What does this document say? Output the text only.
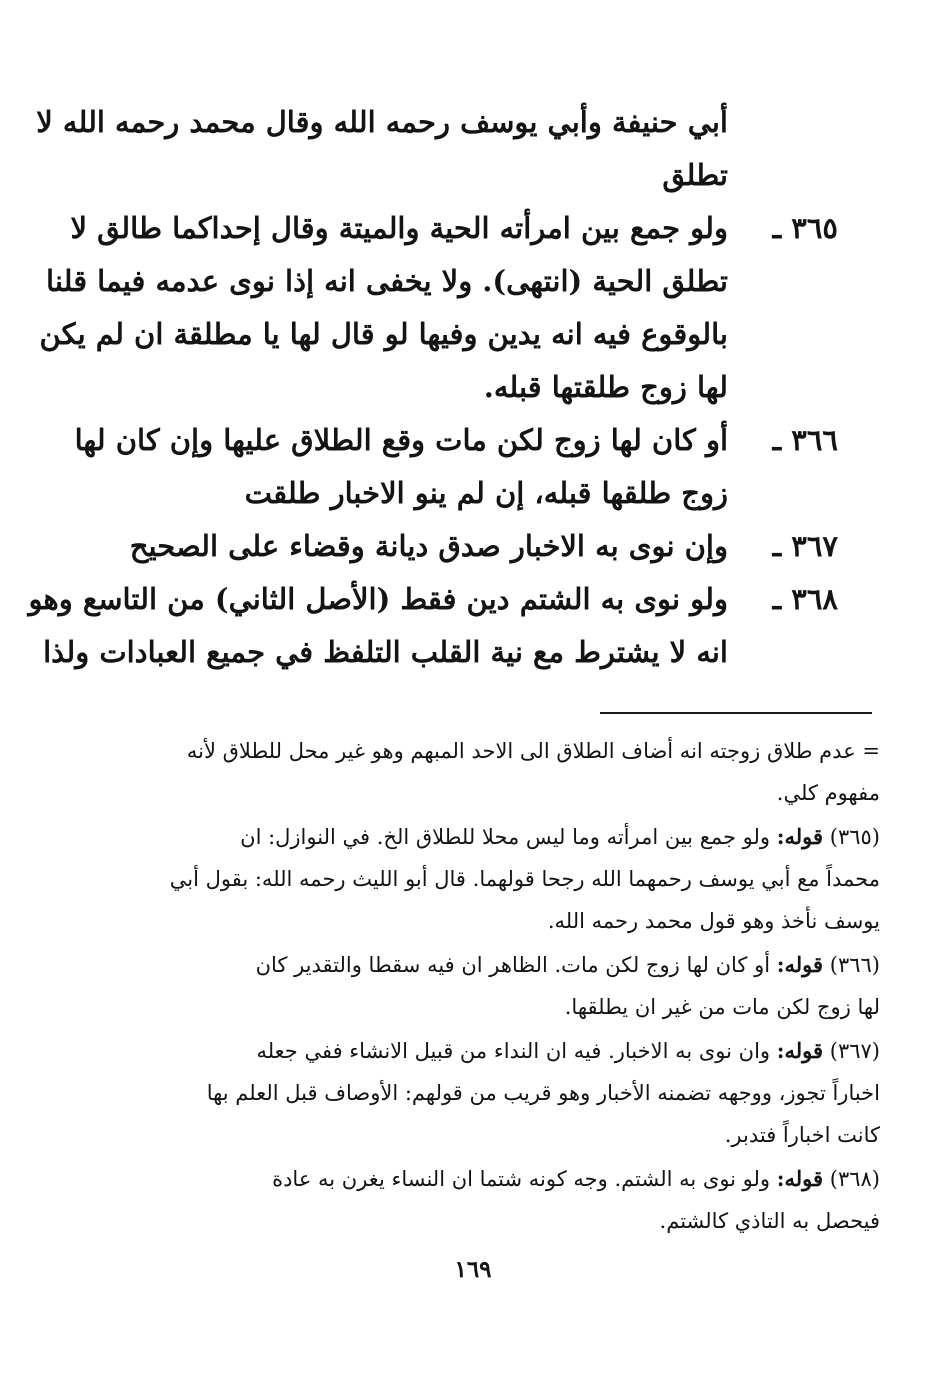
أبي حنيفة وأبي يوسف رحمه الله وقال محمد رحمه الله لا
تطلق
٣٦٥ ـ
ولو جمع بين امرأته الحية والميتة وقال إحداكما طالق لا
تطلق الحية (انتهى). ولا يخفى انه إذا نوى عدمه فيما قلنا
بالوقوع فيه انه يدين وفيها لو قال لها يا مطلقة ان لم يكن
لها زوج طلقتها قبله.
٣٦٦ ـ
أو كان لها زوج لكن مات وقع الطلاق عليها وإن كان لها
زوج طلقها قبله، إن لم ينو الاخبار طلقت
٣٦٧ ـ
وإن نوى به الاخبار صدق ديانة وقضاء على الصحيح
٣٦٨ ـ
ولو نوى به الشتم دين فقط (الأصل الثاني) من التاسع وهو
انه لا يشترط مع نية القلب التلفظ في جميع العبادات ولذا
= عدم طلاق زوجته انه أضاف الطلاق الى الاحد المبهم وهو غير محل للطلاق لأنه
مفهوم كلي.
(٣٦٥) قوله: ولو جمع بين امرأته وما ليس محلا للطلاق الخ. في النوازل: ان
محمداً مع أبي يوسف رحمهما الله رجحا قولهما. قال أبو الليث رحمه الله: بقول أبي
يوسف نأخذ وهو قول محمد رحمه الله.
(٣٦٦) قوله: أو كان لها زوج لكن مات. الظاهر ان فيه سقطا والتقدير كان
لها زوج لكن مات من غير ان يطلقها.
(٣٦٧) قوله: وان نوى به الاخبار. فيه ان النداء من قبيل الانشاء ففي جعله
اخباراً تجوز، ووجهه تضمنه الأخبار وهو قريب من قولهم: الأوصاف قبل العلم بها
كانت اخباراً فتدبر.
(٣٦٨) قوله: ولو نوى به الشتم. وجه كونه شتما ان النساء يغرن به عادة
فيحصل به التاذي كالشتم.
١٦٩
